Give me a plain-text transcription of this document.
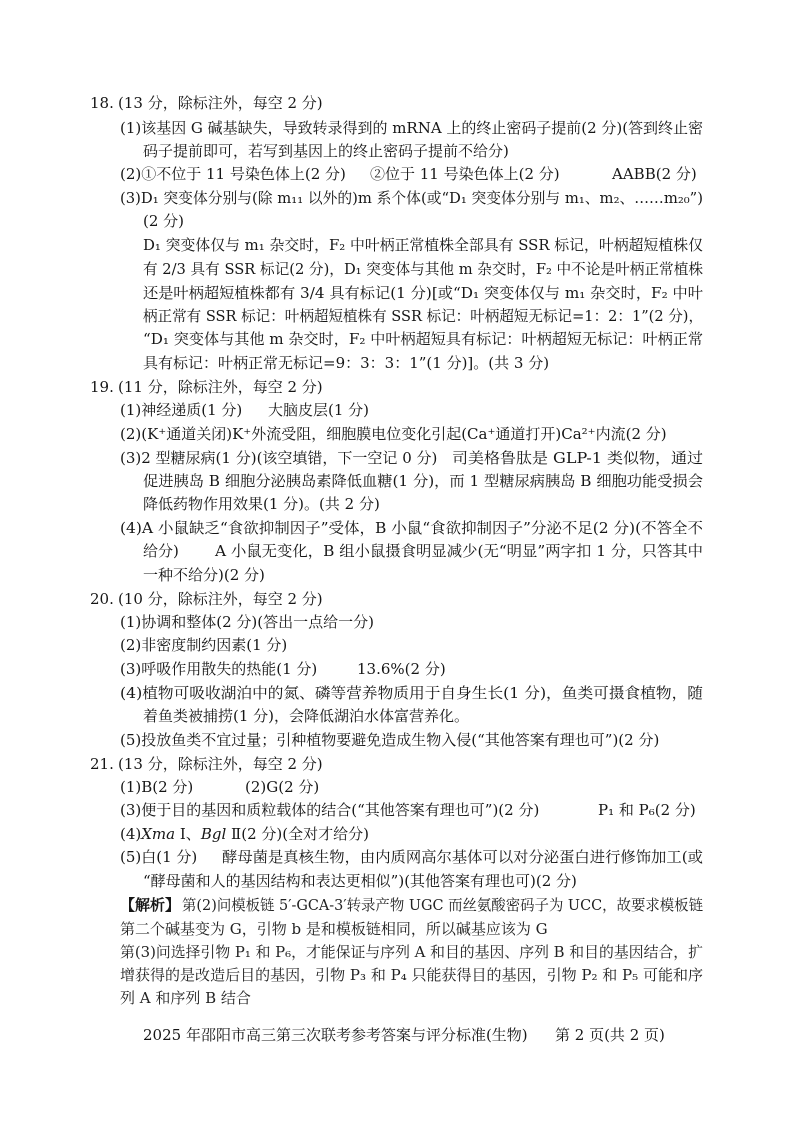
18. (13 分，除标注外，每空 2 分)
(1)该基因 G 碱基缺失，导致转录得到的 mRNA 上的终止密码子提前(2 分)(答到终止密
码子提前即可，若写到基因上的终止密码子提前不给分)
(2)①不位于 11 号染色体上(2 分) ②位于 11 号染色体上(2 分)	AABB(2 分)
(3)D₁ 突变体分别与(除 m₁₁ 以外的)m 系个体(或“D₁ 突变体分别与 m₁、m₂、……m₂₀”)
(2 分)
D₁ 突变体仅与 m₁ 杂交时，F₂ 中叶柄正常植株全部具有 SSR 标记，叶柄超短植株仅
有 2/3 具有 SSR 标记(2 分)，D₁ 突变体与其他 m 杂交时，F₂ 中不论是叶柄正常植株
还是叶柄超短植株都有 3/4 具有标记(1 分)[或“D₁ 突变体仅与 m₁ 杂交时，F₂ 中叶
柄正常有 SSR 标记：叶柄超短植株有 SSR 标记：叶柄超短无标记=1：2：1”(2 分)，
“D₁ 突变体与其他 m 杂交时，F₂ 中叶柄超短具有标记：叶柄超短无标记：叶柄正常
具有标记：叶柄正常无标记=9：3：3：1”(1 分)]。(共 3 分)
19. (11 分，除标注外，每空 2 分)
(1)神经递质(1 分)	大脑皮层(1 分)
(2)(K⁺通道关闭)K⁺外流受阻，细胞膜电位变化引起(Ca⁺通道打开)Ca²⁺内流(2 分)
(3)2 型糖尿病(1 分)(该空填错，下一空记 0 分) 司美格鲁肽是 GLP-1 类似物，通过
促进胰岛 B 细胞分泌胰岛素降低血糖(1 分)，而 1 型糖尿病胰岛 B 细胞功能受损会
降低药物作用效果(1 分)。(共 2 分)
(4)A 小鼠缺乏“食欲抑制因子”受体，B 小鼠“食欲抑制因子”分泌不足(2 分)(不答全不
给分)	A 小鼠无变化，B 组小鼠摄食明显减少(无“明显”两字扣 1 分，只答其中
一种不给分)(2 分)
20. (10 分，除标注外，每空 2 分)
(1)协调和整体(2 分)(答出一点给一分)
(2)非密度制约因素(1 分)
(3)呼吸作用散失的热能(1 分)	13.6%(2 分)
(4)植物可吸收湖泊中的氮、磷等营养物质用于自身生长(1 分)，鱼类可摄食植物，随
着鱼类被捕捞(1 分)，会降低湖泊水体富营养化。
(5)投放鱼类不宜过量；引种植物要避免造成生物入侵(“其他答案有理也可”)(2 分)
21. (13 分，除标注外，每空 2 分)
(1)B(2 分)	(2)G(2 分)
(3)便于目的基因和质粒载体的结合(“其他答案有理也可”)(2 分)	P₁ 和 P₆(2 分)
(4)Xma Ⅰ、Bgl Ⅱ(2 分)(全对才给分)
(5)白(1 分)	酵母菌是真核生物，由内质网高尔基体可以对分泌蛋白进行修饰加工(或
“酵母菌和人的基因结构和表达更相似”)(其他答案有理也可)(2 分)
【解析】 第(2)问模板链 5′-GCA-3′转录产物 UGC 而丝氨酸密码子为 UCC，故要求模板链
第二个碱基变为 G，引物 b 是和模板链相同，所以碱基应该为 G
第(3)问选择引物 P₁ 和 P₆，才能保证与序列 A 和目的基因、序列 B 和目的基因结合，扩
增获得的是改造后目的基因，引物 P₃ 和 P₄ 只能获得目的基因，引物 P₂ 和 P₅ 可能和序
列 A 和序列 B 结合
2025 年邵阳市高三第三次联考参考答案与评分标准(生物)	第 2 页(共 2 页)
